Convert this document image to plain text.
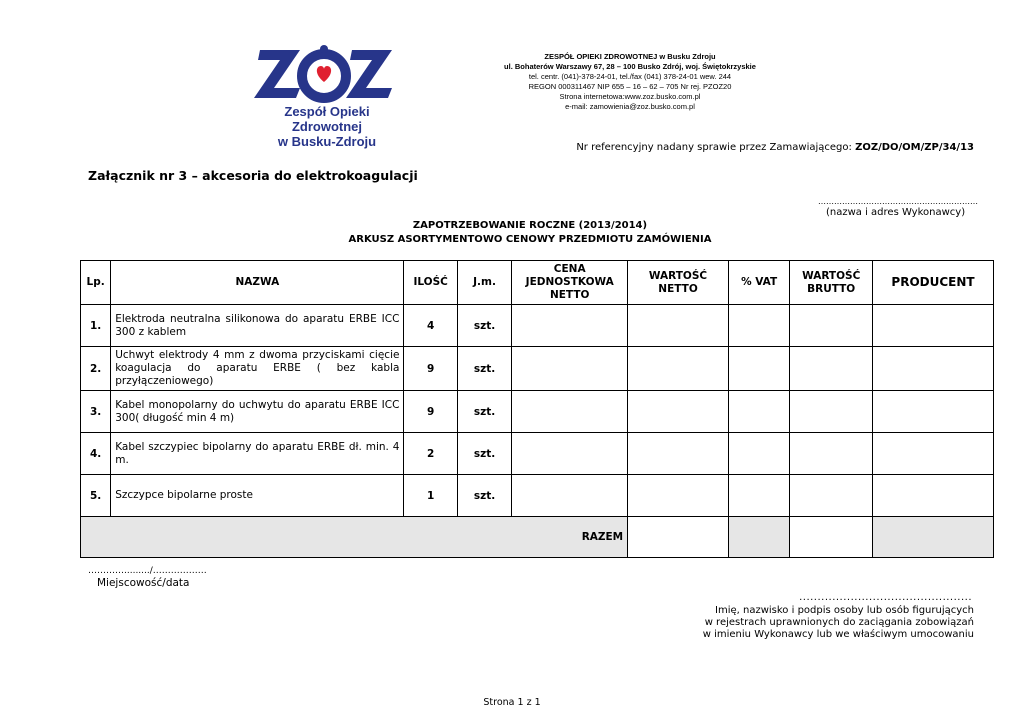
Zespół Opieki Zdrowotnej
w Busku-Zdroju
ZESPÓŁ OPIEKI ZDROWOTNEJ w Busku Zdroju
ul. Bohaterów Warszawy 67, 28 – 100 Busko Zdrój, woj. Świętokrzyskie
tel. centr. (041)-378-24-01, tel./fax (041) 378-24-01 wew. 244
REGON 000311467 NIP 655 – 16 – 62 – 705 Nr rej. PZOZ20
Strona internetowa:www.zoz.busko.com.pl
e-mail: zamowienia@zoz.busko.com.pl
Nr referencyjny nadany sprawie przez Zamawiającego: ZOZ/DO/OM/ZP/34/13
Załącznik nr 3 – akcesoria do elektrokoagulacji
……………………………………………………
(nazwa i adres Wykonawcy)
ZAPOTRZEBOWANIE ROCZNE (2013/2014)
ARKUSZ ASORTYMENTOWO CENOWY PRZEDMIOTU ZAMÓWIENIA
Lp.	NAZWA	ILOŚĆ	J.m.	CENA JEDNOSTKOWA NETTO	WARTOŚĆ NETTO	% VAT	WARTOŚĆ BRUTTO	PRODUCENT
1.	Elektroda neutralna silikonowa do aparatu ERBE ICC 300 z kablem	4	szt.					
2.	Uchwyt elektrody 4 mm z dwoma przyciskami cięcie koagulacja do aparatu ERBE ( bez kabla przyłączeniowego)	9	szt.					
3.	Kabel monopolarny do uchwytu do aparatu ERBE ICC 300( długość min 4 m)	9	szt.					
4.	Kabel szczypiec bipolarny do aparatu ERBE dł. min. 4 m.	2	szt.					
5.	Szczypce bipolarne proste	1	szt.					
RAZEM								
…………........./………………
Miejscowość/data
...............................................
Imię, nazwisko i podpis osoby lub osób figurujących
w rejestrach uprawnionych do zaciągania zobowiązań
w imieniu Wykonawcy lub we właściwym umocowaniu
Strona 1 z 1
